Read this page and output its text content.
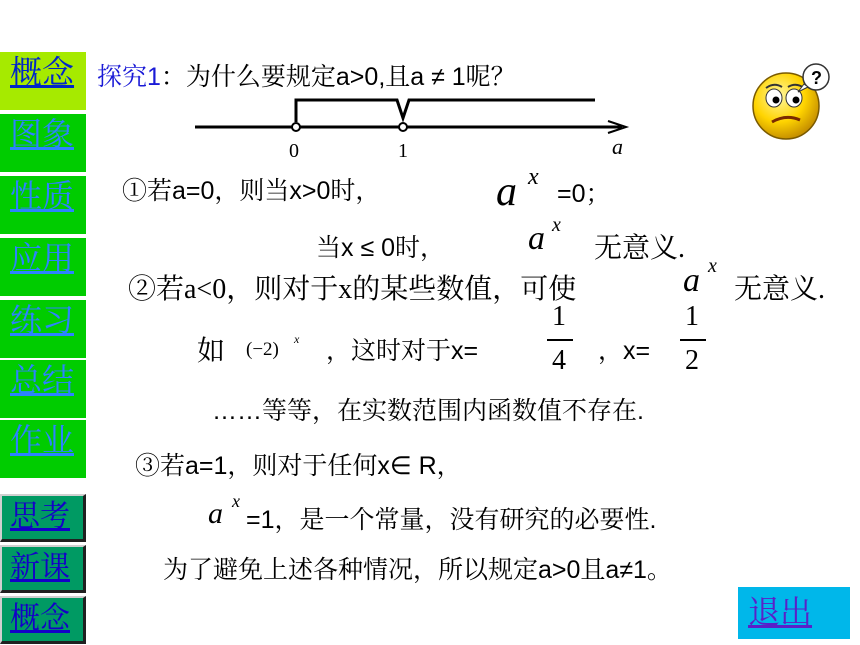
概念
图象
性质
应用
练习
总结
作业
思考
新课
概念	退出
?
探究1：为什么要规定a>0,且a ≠ 1呢？
0	1	a
①若a=0，则当x>0时，	a x
=0；
当x ≤ 0时， a x
无意义.
②若a<0，则对于x的某些数值，可使	a x
无意义.
如 (−2) x ，这时对于x=
1
4 ，x=
1
2
……等等，在实数范围内函数值不存在.
③若a=1，则对于任何x∈ R，
a x
=1，是一个常量，没有研究的必要性.
为了避免上述各种情况，所以规定a>0且a≠1。
